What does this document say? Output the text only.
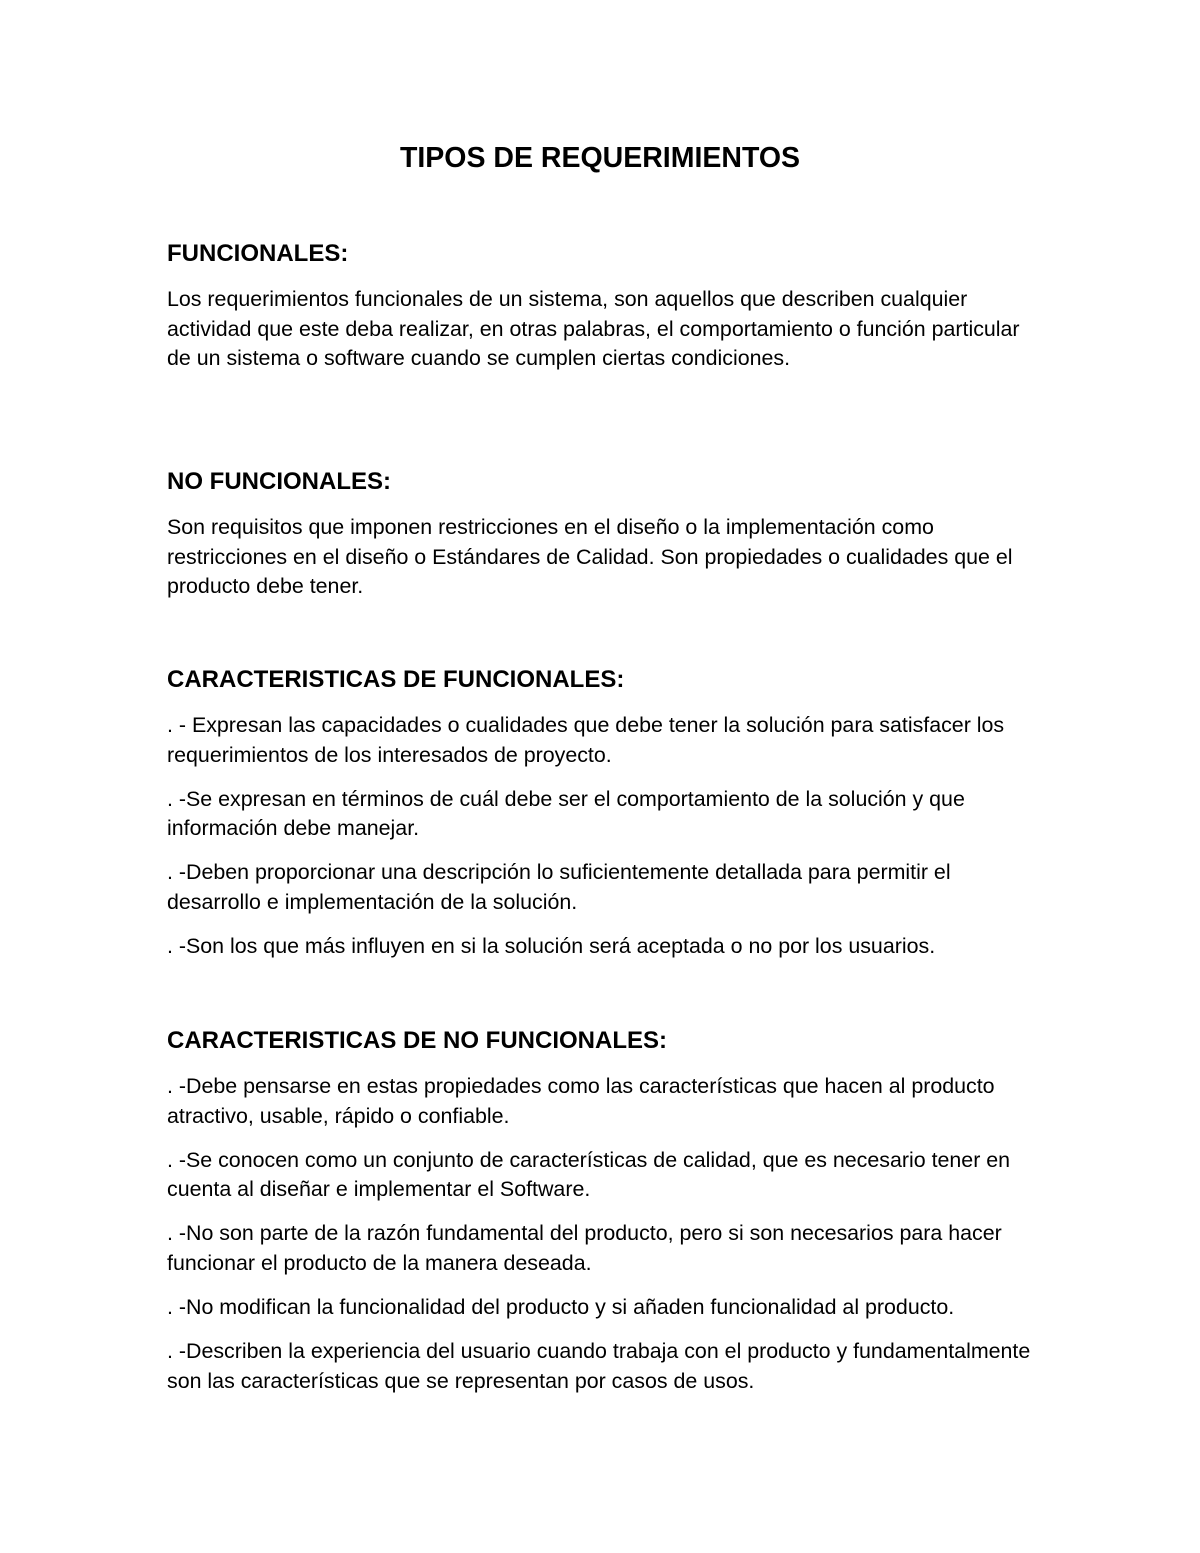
TIPOS DE REQUERIMIENTOS
FUNCIONALES:

Los requerimientos funcionales de un sistema, son aquellos que describen cualquier actividad que este deba realizar, en otras palabras, el comportamiento o función particular de un sistema o software cuando se cumplen ciertas condiciones.

NO FUNCIONALES:

Son requisitos que imponen restricciones en el diseño o la implementación como restricciones en el diseño o Estándares de Calidad. Son propiedades o cualidades que el producto debe tener.

CARACTERISTICAS DE FUNCIONALES:

. - Expresan las capacidades o cualidades que debe tener la solución para satisfacer los requerimientos de los interesados de proyecto.

. -Se expresan en términos de cuál debe ser el comportamiento de la solución y que información debe manejar.

. -Deben proporcionar una descripción lo suficientemente detallada para permitir el desarrollo e implementación de la solución.

. -Son los que más influyen en si la solución será aceptada o no por los usuarios.

CARACTERISTICAS DE NO FUNCIONALES:

. -Debe pensarse en estas propiedades como las características que hacen al producto atractivo, usable, rápido o confiable.

. -Se conocen como un conjunto de características de calidad, que es necesario tener en cuenta al diseñar e implementar el Software.

. -No son parte de la razón fundamental del producto, pero si son necesarios para hacer funcionar el producto de la manera deseada.

. -No modifican la funcionalidad del producto y si añaden funcionalidad al producto.

. -Describen la experiencia del usuario cuando trabaja con el producto y fundamentalmente son las características que se representan por casos de usos.
